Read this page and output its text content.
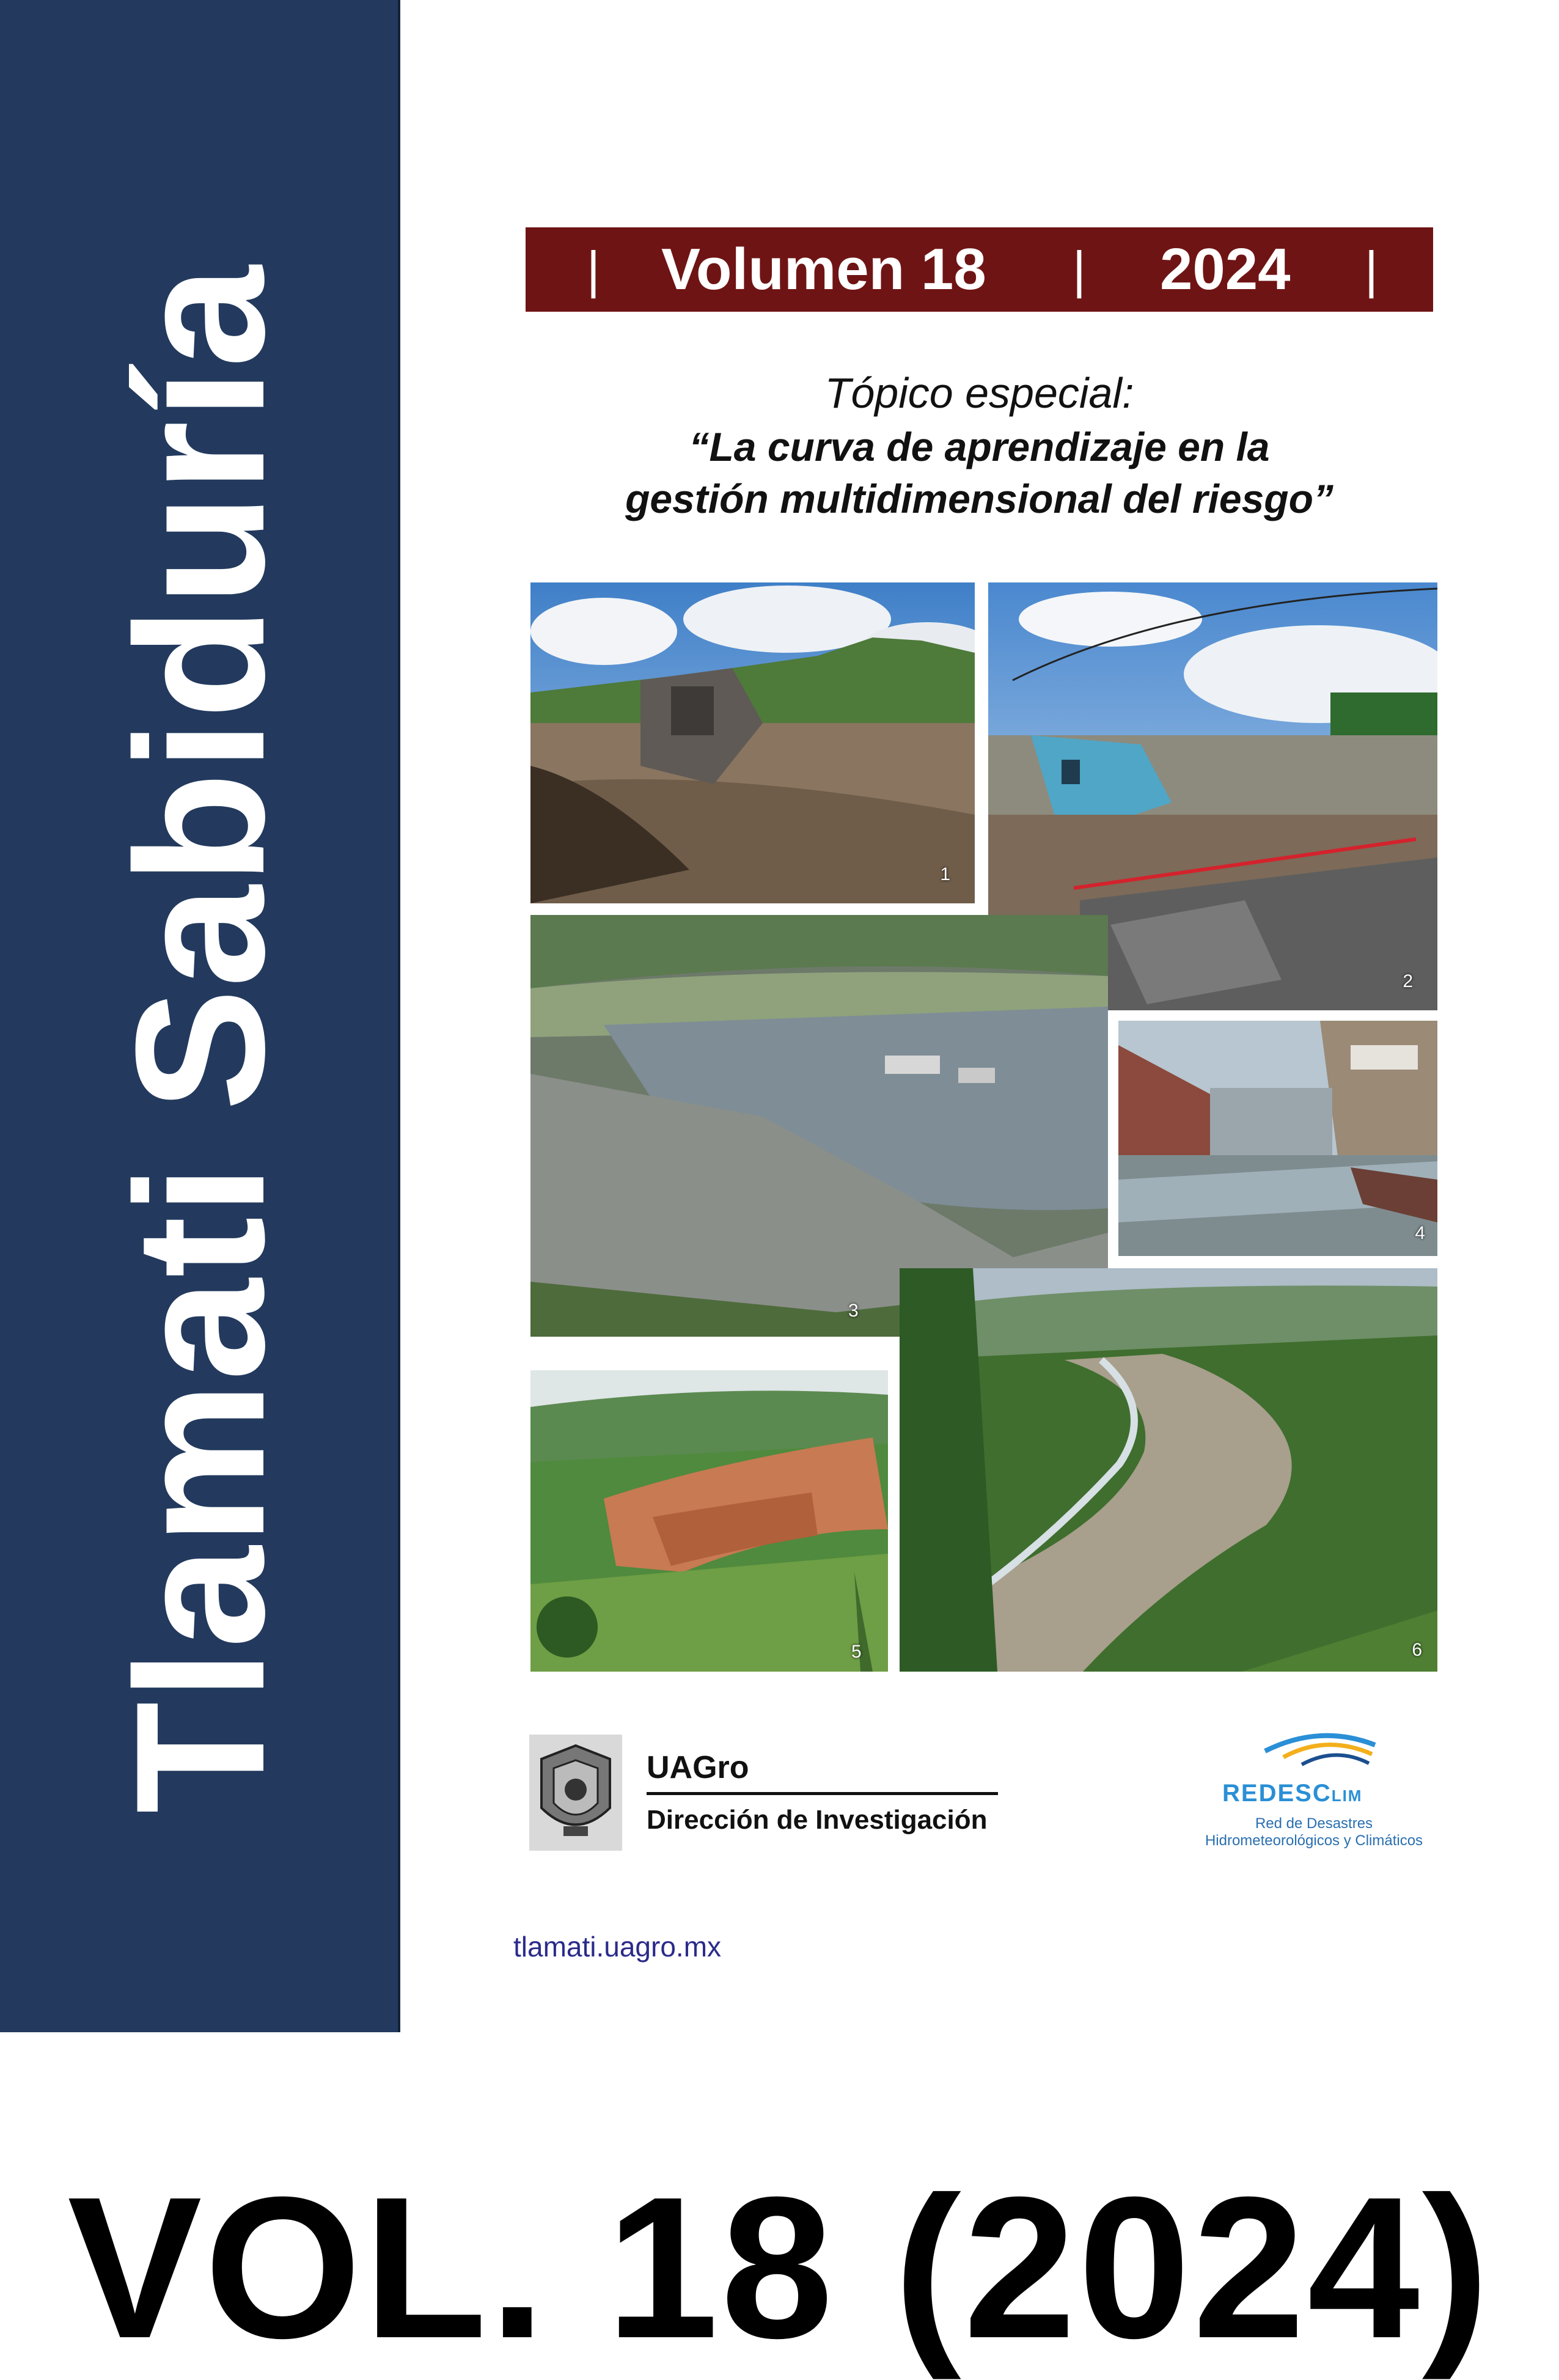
Tlamati Sabiduría	| Volumen 18 | 2024 |
Tópico especial:
“La curva de aprendizaje en la
gestión multidimensional del riesgo”
1
2
3
4
5	6
UAGro
Dirección de Investigación
REDESCLIM
Red de Desastres
Hidrometeorológicos y Climáticos
tlamati.uagro.mx
VOL. 18 (2024)
